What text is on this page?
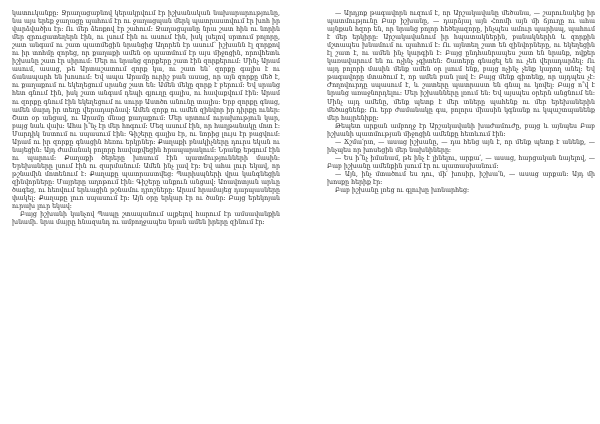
կատուկանքը։ Ջրաղացաբնով կերակրվում էր իշխանական նախարարությունը, նա այս երեք ջաղացը պահում էր ու ջաղացպան մերկ պատրաստվում էր խոհ իր վարձվածիս էր։ Ու մեր ձեռքով էր շահում։ Ջաղացպանը նրա շատ հին ու նորին մեր զրուցատեղերն էին, ու լսում էին ու ասում էին, իսկ լսելով սրտում բոլորը, շատ անգամ ու շատ պատմեցին նրանցից Աղորեն էր ասում՝ իշխանն էլ զորքով ու իր տոհմը զորեց, որ քաղաքի ամեն օր պատմում էր այս միջոցին, որովհետև իշխանը շատ էր սիրում։ Մեր ու նրանց զորքերը շատ էին զորքերում։ Մինչ Արամ ասում, ասաց, թե Արտաշատում զորք կա, ու շատ են՝ զորքը գալիս է ու ճանապարհ են խոսում։ Եվ ապա Արամը ուրիշ բան ասաց, որ այն զորքը մեծ է, ու քաղաքում ու եկեղեցում սրանց շատ են։ Ամեն մեկը զորք է բերում։ Եվ սրանց հետ գնում էին, իսկ շատ անգամ դեպի գյուղը գալիս, ու հավաքվում էին։ Արամ ու զորքը գնում էին եկեղեցում ու սուրբ Աստծո անունը տալիս։ Երբ զորքը գնաց, ամեն մարդ իր տեղը վերադարձավ։ Ամեն զորք ու ամեն զինվոր իր դիրքը ուներ։ Շատ օր անցավ, ու Արամը մնաց քաղաքում։ Մեր սրտում ուրախություն կար, բայց նաև վախ։ Ահա ի՞նչ էր մեր հոգում։ Մեզ ասում էին, որ հաղթանակը մոտ է։ Մարդիկ նստում ու սպասում էին։ Գիշերը գալիս էր, ու նորից լույս էր բացվում։ Արամ ու իր զորքը գնացին հեռու երկրներ։ Քաղաքի բնակիչները դուրս եկան ու նայեցին։ Այդ ժամանակ բոլորը հավաքվեցին հրապարակում։ Նրանք երգում էին ու պարում։ Քաղաքի ծերերը խոսում էին պատմությունների մասին։ Երեխաները լսում էին ու զարմանում։ Ամեն ինչ լավ էր։ Եվ ահա լուր եկավ, որ թշնամին մոտենում է։ Քաղաքը պատրաստվեց։ Պարիսպների վրա կանգնեցին զինվորները։ Մայրերը աղոթում էին։ Գիշերը անքուն անցավ։ Առավոտյան արևը ծագեց, ու հեռվում երևացին թշնամու դրոշները։ Արամ հրամայեց դարպասները փակել։ Քաղաքը լուռ սպասում էր։ Այն օրը երկար էր ու ծանր։ Բայց երեկոյան ուրախ լուր եկավ։

Բայց իշխանի կանչով Պապը շտապանում ալքելով հարում էր ամսավանքին խնամի. նրա մայրը հնազանդ ու ամբողջապես նրան ամեն իրերը զինում էր։

— Արդյոք թագավորն ուզում է, որ Արշակավանը մեծանա, — շարունակեց իր պատմությունը Բաբ իշխանը, — դարձյալ այն Հռոմի այն մի ճյուղը ու ահա այնքան հզոր են, որ նրանց բոլոր հեծելազորը, ինչպես ամուր պարիսպ, պահում է մեր երկիրը։ Արշակավանում իր հպատակներին, բանակներին և զորքին մշտապես խնամում ու պահում է։ Ու այնտեղ շատ են զինվորները, ու եկեղեցին էլ շատ է, ու ամեն ինչ կարգին է։ Բայց ընդհանրապես շատ են նրանք, ովքեր կառավարում են ու ոչինչ չգիտեն։ Շատերը գնացել են ու չեն վերադարձել։ Ու այդ բոլորի մասին մենք ամեն օր լսում ենք, բայց ոչինչ չենք կարող անել։ Եվ թագավորը մտածում է, որ ամեն բան լավ է։ Բայց մենք գիտենք, որ այդպես չէ։ Ժողովուրդը սպասում է, և շատերը պատրաստ են գնալ ու կռվել։ Բայց ո՞վ է նրանց առաջնորդելու։ Մեր իշխանները լռում են։ Եվ այսպես օրերն անցնում են։ Մինչ այդ ամենը, մենք պետք է մեր տները պահենք ու մեր երեխաներին մեծացնենք։ Ու երբ ժամանակը գա, բոլորս միասին կգնանք ու կպաշտպանենք մեր հայրենիքը։

Թեպետ արքան ամբողջ էր Արշակավանի խաժամուժը, բայց և այնպես Բաբ իշխանի պատմության միջոցին ամենքը հետևում էին։

— Ճշմա՛րտ, — ասաց իշխանը, — դա հենց այն է, որ մենք պետք է անենք, — ինչպես որ խոսեցին մեր նախնիները։

— Ես ի՞նչ իմանամ, թե ինչ է լինելու, արքա՛, — ասաց, հարցական նայելով, — Բաբ իշխանը ամենքին լսում էր ու պատասխանում։

— Այն, ինչ մտածում ես դու, մի՛ խոսիր, իշխա՛ն, — ասաց արքան։ Այդ մի խոսքը հերիք էր։

Բաբ իշխանը լռեց ու գլուխը խոնարհեց։
